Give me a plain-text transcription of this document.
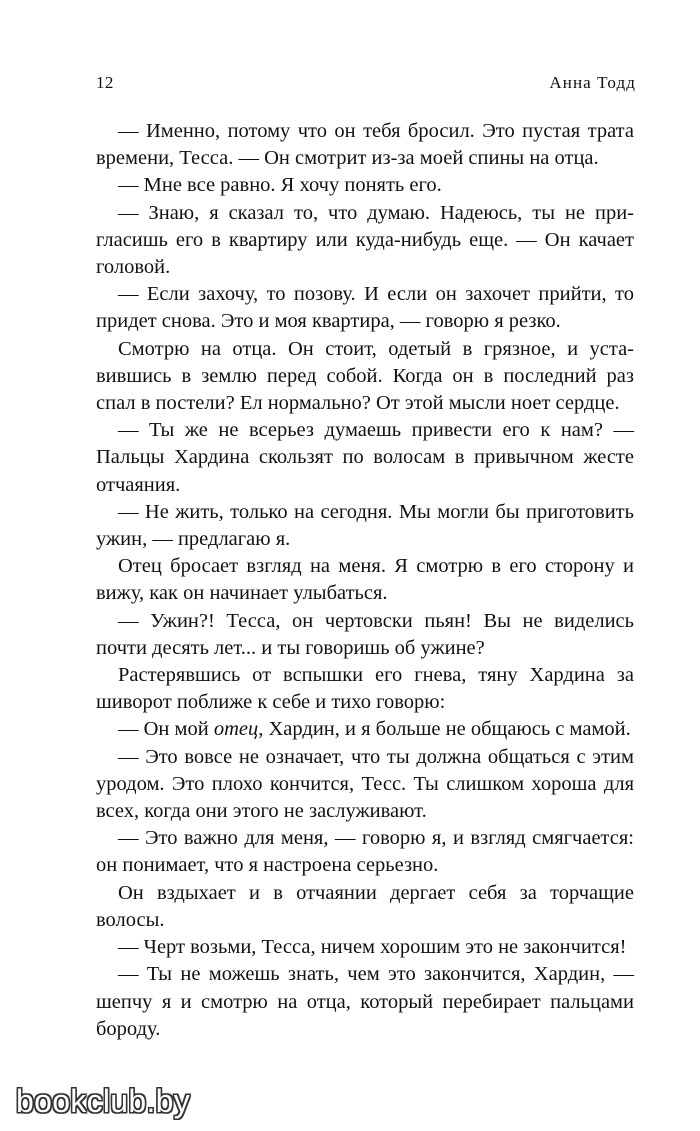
12	Анна Тодд

— Именно, потому что он тебя бросил. Это пустая трата времени, Тесса. — Он смотрит из-за моей спины на отца.

— Мне все равно. Я хочу понять его.

— Знаю, я сказал то, что думаю. Надеюсь, ты не пригласишь его в квартиру или куда-нибудь еще. — Он качает головой.

— Если захочу, то позову. И если он захочет прийти, то придет снова. Это и моя квартира, — говорю я резко.

Смотрю на отца. Он стоит, одетый в грязное, и уставившись в землю перед собой. Когда он в последний раз спал в постели? Ел нормально? От этой мысли ноет сердце.

— Ты же не всерьез думаешь привести его к нам? — Пальцы Хардина скользят по волосам в привычном жесте отчаяния.

— Не жить, только на сегодня. Мы могли бы приготовить ужин, — предлагаю я.

Отец бросает взгляд на меня. Я смотрю в его сторону и вижу, как он начинает улыбаться.

— Ужин?! Тесса, он чертовски пьян! Вы не виделись почти десять лет... и ты говоришь об ужине?

Растерявшись от вспышки его гнева, тяну Хардина за шиворот поближе к себе и тихо говорю:

— Он мой отец, Хардин, и я больше не общаюсь с мамой.

— Это вовсе не означает, что ты должна общаться с этим уродом. Это плохо кончится, Тесс. Ты слишком хороша для всех, когда они этого не заслуживают.

— Это важно для меня, — говорю я, и взгляд смягчается: он понимает, что я настроена серьезно.

Он вздыхает и в отчаянии дергает себя за торчащие волосы.

— Черт возьми, Тесса, ничем хорошим это не закончится!

— Ты не можешь знать, чем это закончится, Хардин, — шепчу я и смотрю на отца, который перебирает пальцами бороду.

bookclub.by
